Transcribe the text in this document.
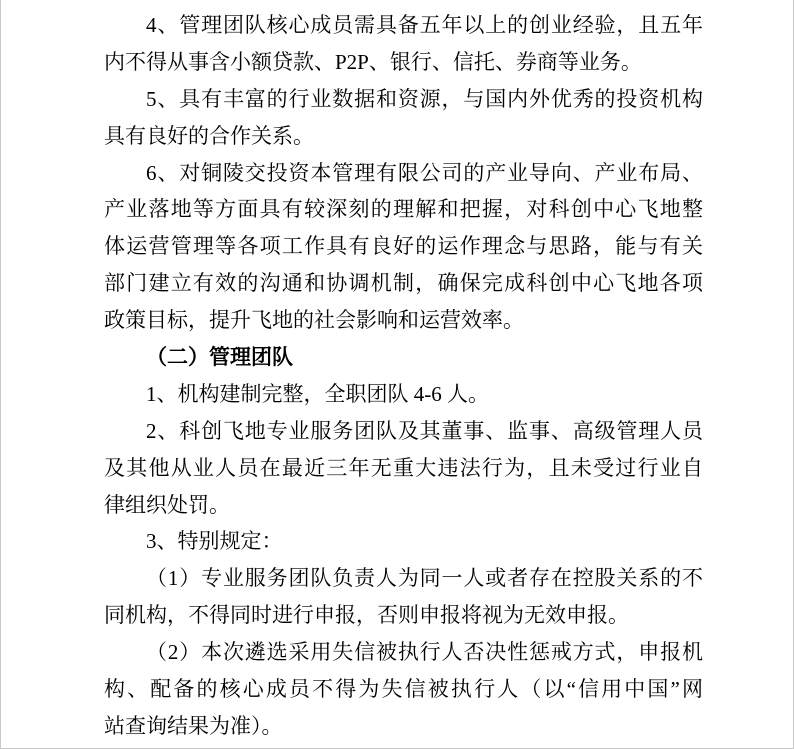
4、管理团队核心成员需具备五年以上的创业经验，且五年
内不得从事含小额贷款、P2P、银行、信托、券商等业务。
5、具有丰富的行业数据和资源，与国内外优秀的投资机构
具有良好的合作关系。
6、对铜陵交投资本管理有限公司的产业导向、产业布局、
产业落地等方面具有较深刻的理解和把握，对科创中心飞地整
体运营管理等各项工作具有良好的运作理念与思路，能与有关
部门建立有效的沟通和协调机制，确保完成科创中心飞地各项
政策目标，提升飞地的社会影响和运营效率。
（二）管理团队
1、机构建制完整，全职团队 4-6 人。
2、科创飞地专业服务团队及其董事、监事、高级管理人员
及其他从业人员在最近三年无重大违法行为，且未受过行业自
律组织处罚。
3、特别规定：
（1）专业服务团队负责人为同一人或者存在控股关系的不
同机构，不得同时进行申报，否则申报将视为无效申报。
（2）本次遴选采用失信被执行人否决性惩戒方式，申报机
构、配备的核心成员不得为失信被执行人（以“信用中国”网
站查询结果为准）。
